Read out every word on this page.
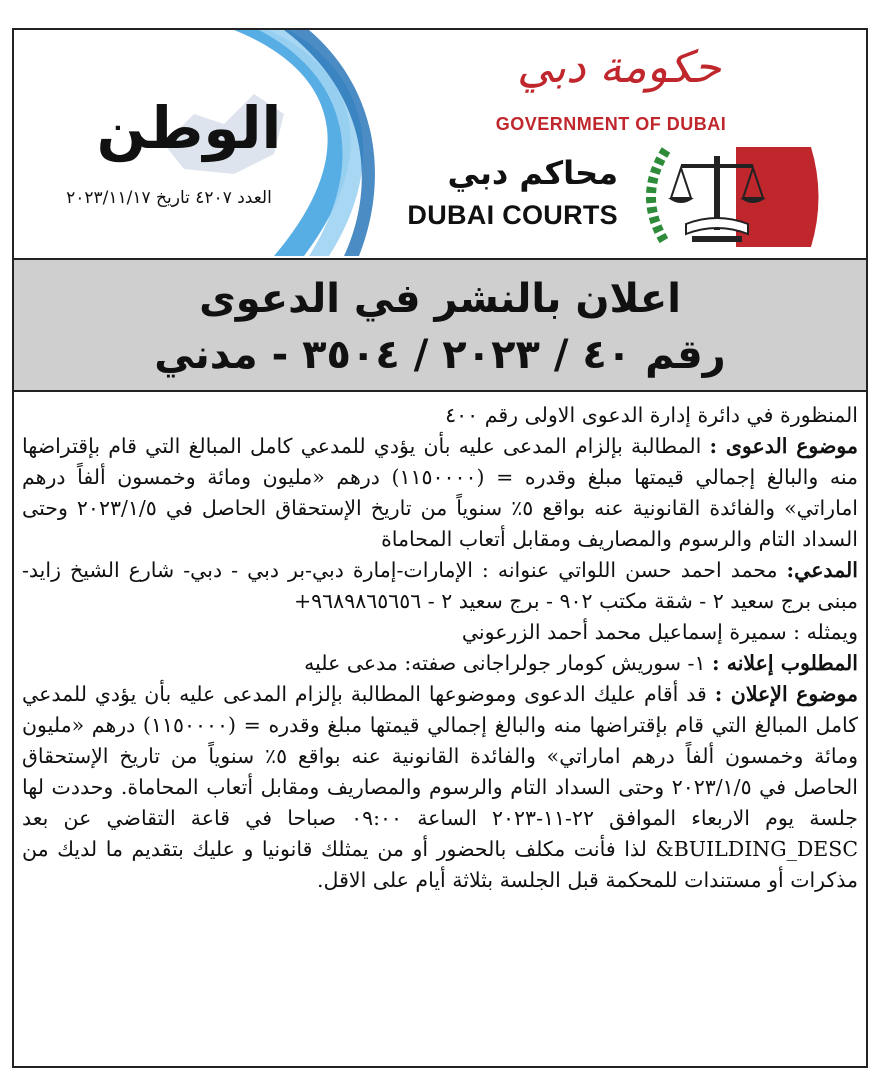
الوطن
العدد ٤٢٠٧ تاريخ ٢٠٢٣/١١/١٧
حكومة دبي
GOVERNMENT OF DUBAI
محاكم دبي
DUBAI COURTS
اعلان بالنشر في الدعوى
رقم ٤٠ / ٢٠٢٣ / ٣٥٠٤ - مدني

المنظورة في دائرة إدارة الدعوى الاولى رقم ٤٠٠

موضوع الدعوى : المطالبة بإلزام المدعى عليه بأن يؤدي للمدعي كامل المبالغ التي قام بإقتراضها منه والبالغ إجمالي قيمتها مبلغ وقدره = (١١٥٠٠٠٠) درهم «مليون ومائة وخمسون ألفاً درهم اماراتي» والفائدة القانونية عنه بواقع ٥٪ سنوياً من تاريخ الإستحقاق الحاصل في ٢٠٢٣/١/٥ وحتى السداد التام والرسوم والمصاريف ومقابل أتعاب المحاماة

المدعي: محمد احمد حسن اللواتي عنوانه : الإمارات-إمارة دبي-بر دبي - دبي- شارع الشيخ زايد-مبنى برج سعيد ٢ - شقة مكتب ٩٠٢ - برج سعيد ٢ - ٩٦٨٩٨٦٥٦٥٦+

ويمثله : سميرة إسماعيل محمد أحمد الزرعوني

المطلوب إعلانه : ١- سوريش كومار جولراجانى صفته: مدعى عليه

موضوع الإعلان : قد أقام عليك الدعوى وموضوعها المطالبة بإلزام المدعى عليه بأن يؤدي للمدعي كامل المبالغ التي قام بإقتراضها منه والبالغ إجمالي قيمتها مبلغ وقدره = (١١٥٠٠٠٠) درهم «مليون ومائة وخمسون ألفاً درهم اماراتي» والفائدة القانونية عنه بواقع ٥٪ سنوياً من تاريخ الإستحقاق الحاصل في ٢٠٢٣/١/٥ وحتى السداد التام والرسوم والمصاريف ومقابل أتعاب المحاماة. وحددت لها جلسة يوم الاربعاء الموافق ٢٢-١١-٢٠٢٣ الساعة ٠٩:٠٠ صباحا في قاعة التقاضي عن بعد BUILDING_DESC& لذا فأنت مكلف بالحضور أو من يمثلك قانونيا و عليك بتقديم ما لديك من مذكرات أو مستندات للمحكمة قبل الجلسة بثلاثة أيام على الاقل.
